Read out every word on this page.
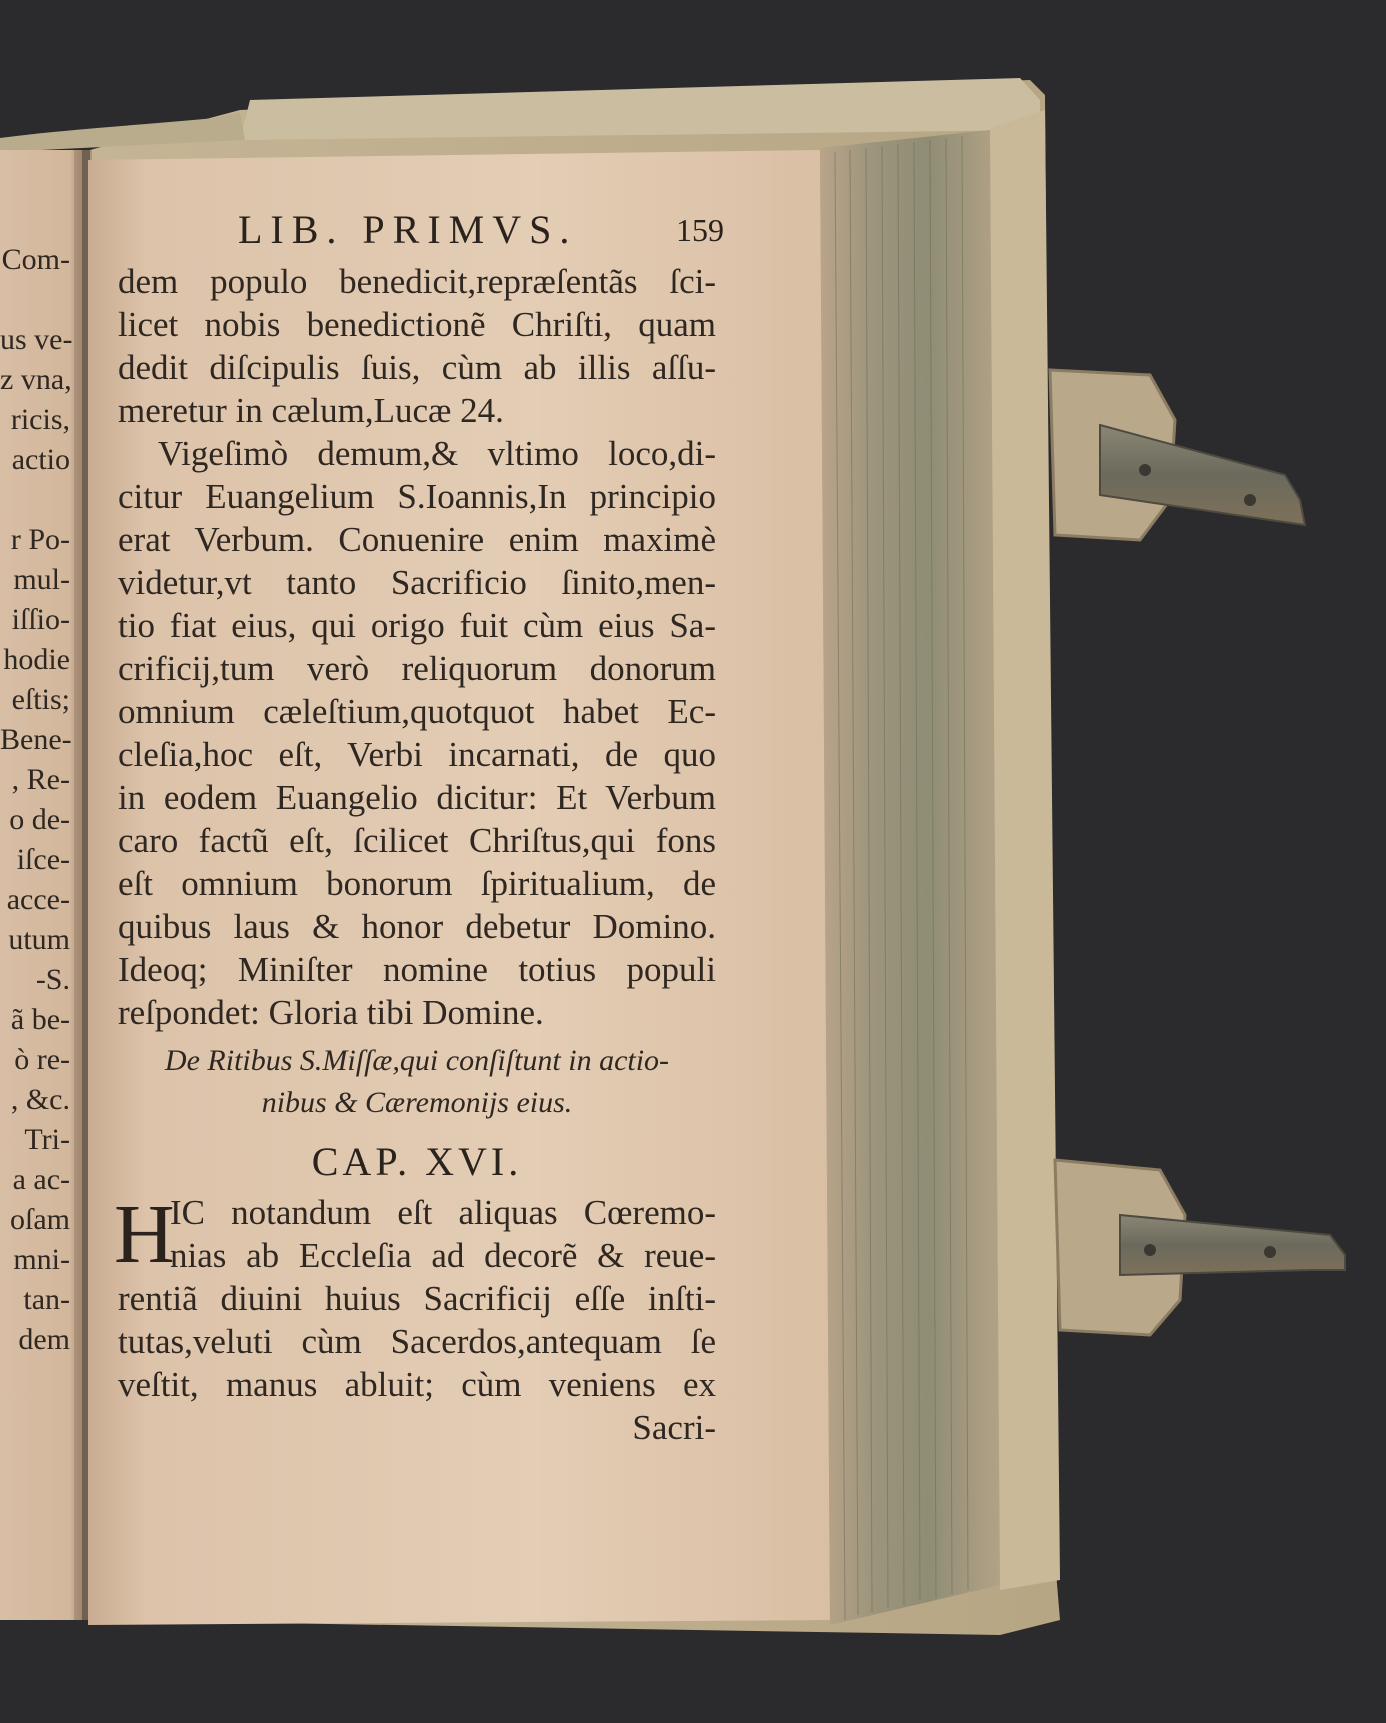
Com-
us ve-
z vna,
ricis,
actio
r Po-
mul-
iſſio-
hodie
eſtis;
Bene-
, Re-
o de-
iſce-
acce-
utum
-S.
ã be-
ò re-
, &c.
Tri-
a ac-
oſam
mni-
tan-
dem
LIB. PRIMVS.	159
dem populo benedicit,repræſentãs ſci-
licet nobis benedictionẽ Chriſti, quam
dedit diſcipulis ſuis, cùm ab illis aſſu-
meretur in cælum,Lucæ 24.
Vigeſimò demum,& vltimo loco,di-
citur Euangelium S.Ioannis,In principio
erat Verbum. Conuenire enim maximè
videtur,vt tanto Sacrificio ſinito,men-
tio fiat eius, qui origo fuit cùm eius Sa-
crificij,tum verò reliquorum donorum
omnium cæleſtium,quotquot habet Ec-
cleſia,hoc eſt, Verbi incarnati, de quo
in eodem Euangelio dicitur: Et Verbum
caro factũ eſt, ſcilicet Chriſtus,qui fons
eſt omnium bonorum ſpiritualium, de
quibus laus & honor debetur Domino.
Ideoq; Miniſter nomine totius populi
reſpondet: Gloria tibi Domine.
De Ritibus S.Miſſæ,qui conſiſtunt in actio-
nibus & Cæremonijs eius.
CAP. XVI.
H
IC notandum eſt aliquas Cœremo-
nias ab Eccleſia ad decorẽ & reue-
rentiã diuini huius Sacrificij eſſe inſti-
tutas,veluti cùm Sacerdos,antequam ſe
veſtit, manus abluit; cùm veniens ex
Sacri-
